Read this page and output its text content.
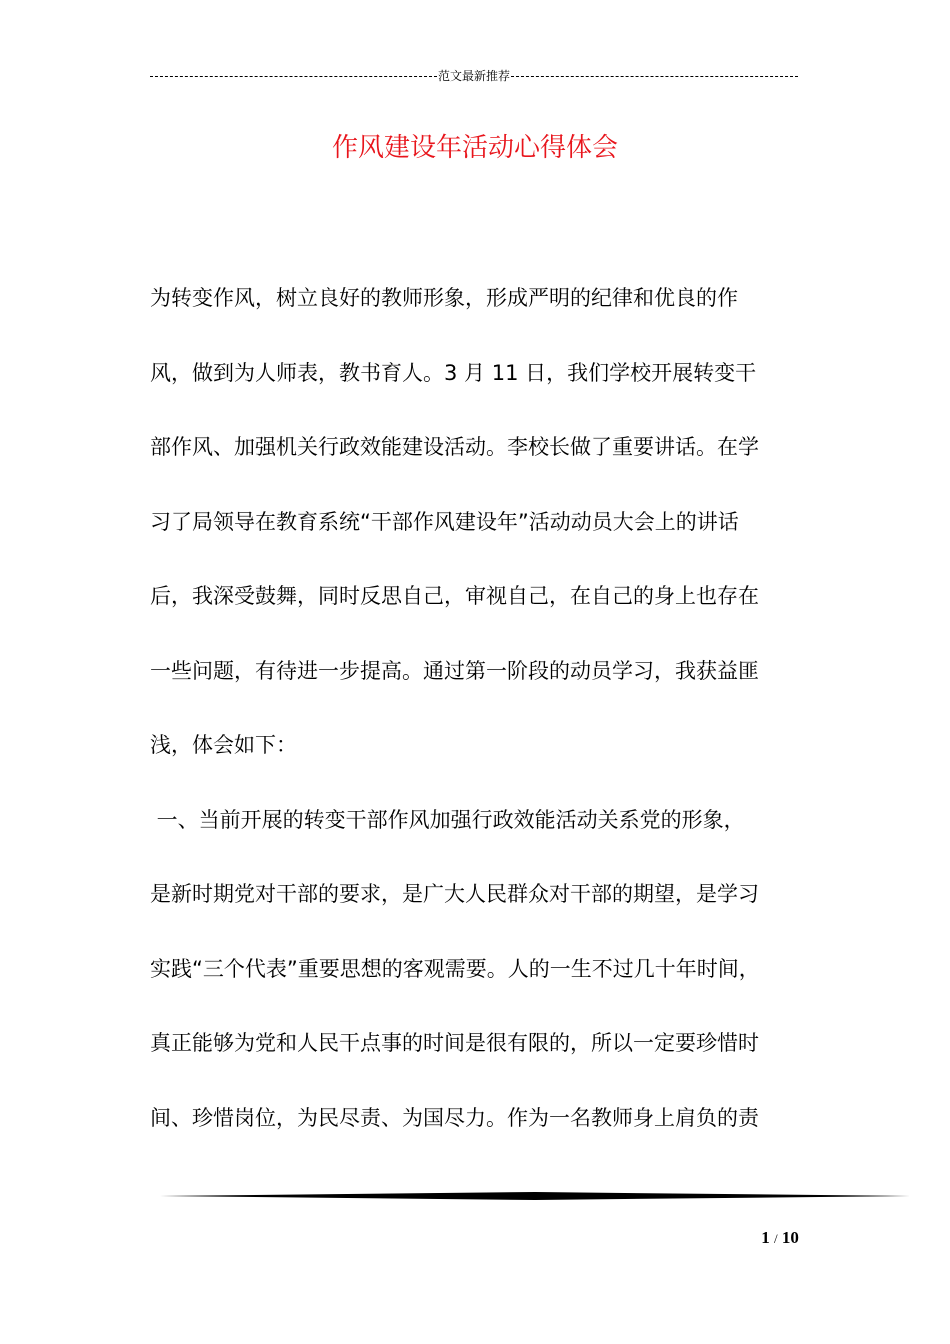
范文最新推荐
作风建设年活动心得体会
为转变作风，树立良好的教师形象，形成严明的纪律和优良的作
风，做到为人师表，教书育人。3 月 11 日，我们学校开展转变干
部作风、加强机关行政效能建设活动。李校长做了重要讲话。在学
习了局领导在教育系统“干部作风建设年”活动动员大会上的讲话
后，我深受鼓舞，同时反思自己，审视自己，在自己的身上也存在
一些问题，有待进一步提高。通过第一阶段的动员学习，我获益匪
浅，体会如下：
一、当前开展的转变干部作风加强行政效能活动关系党的形象，
是新时期党对干部的要求，是广大人民群众对干部的期望，是学习
实践“三个代表”重要思想的客观需要。人的一生不过几十年时间，
真正能够为党和人民干点事的时间是很有限的，所以一定要珍惜时
间、珍惜岗位，为民尽责、为国尽力。作为一名教师身上肩负的责
1 / 10
